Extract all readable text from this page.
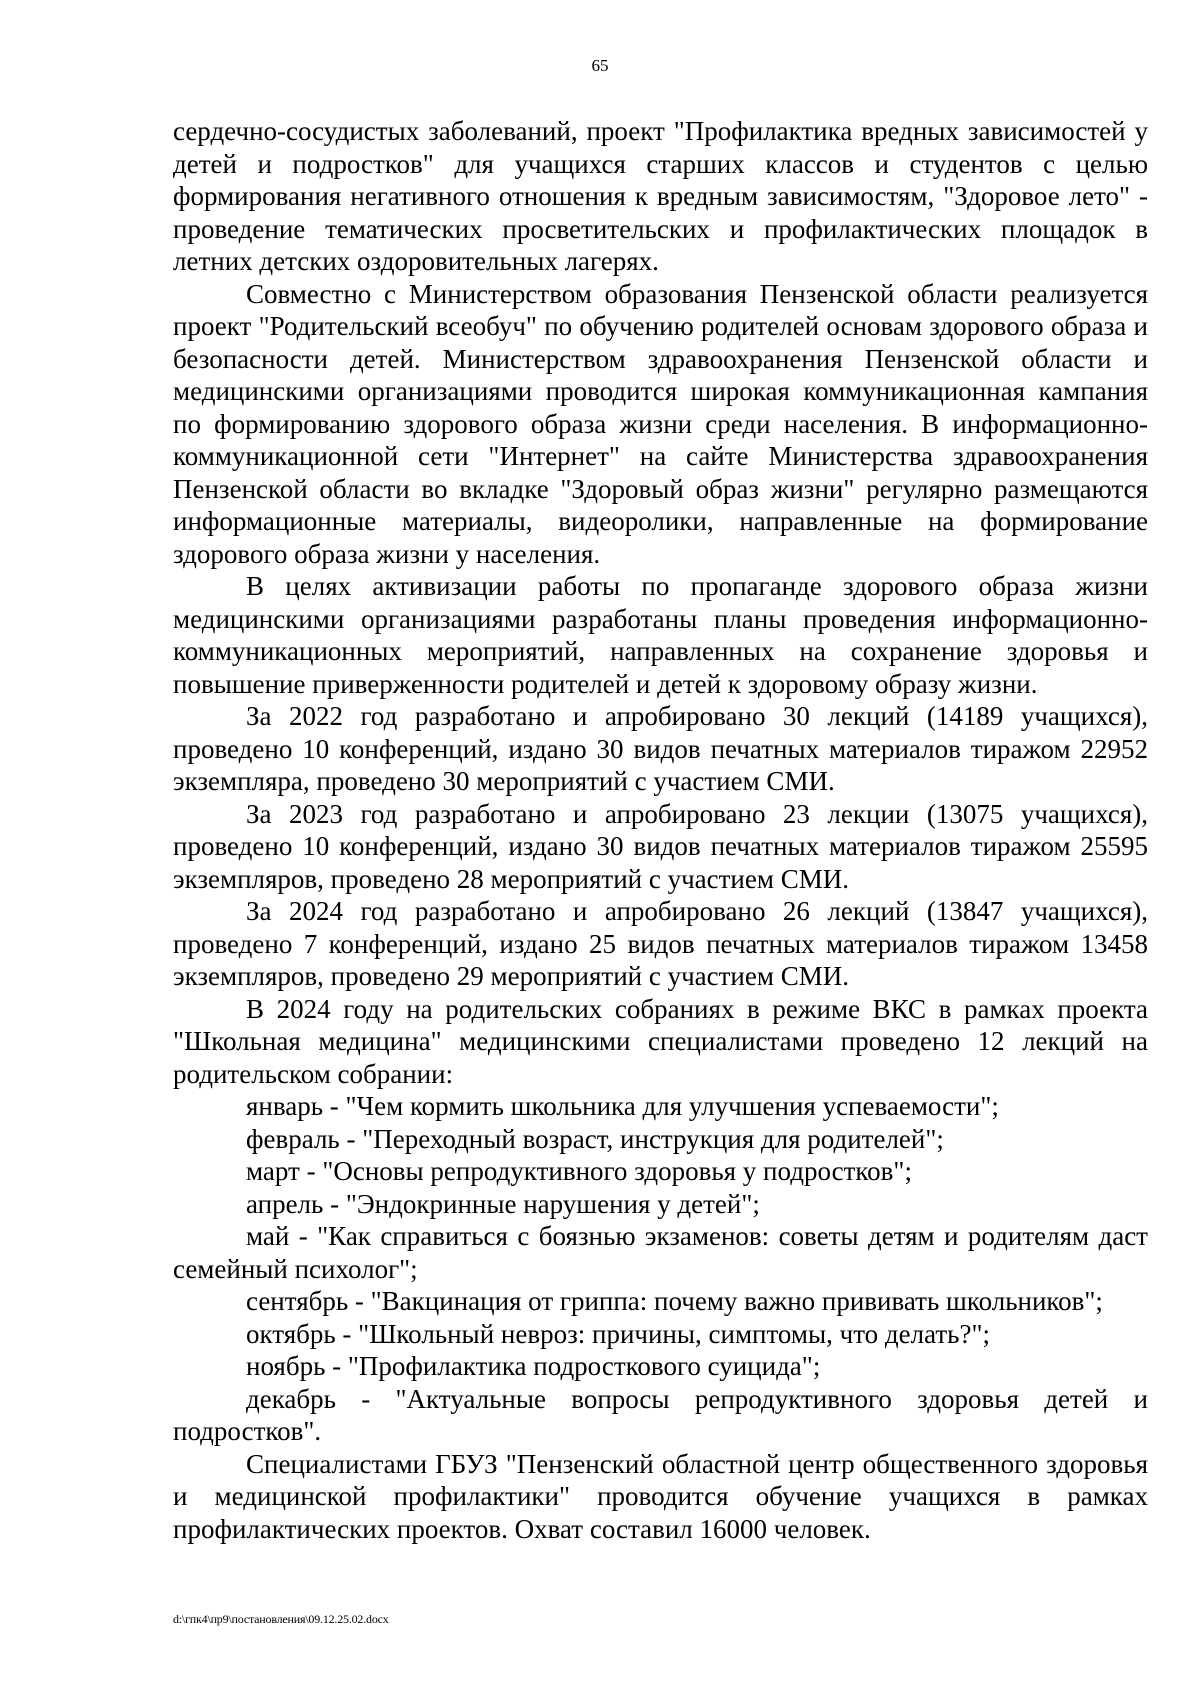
65

сердечно-сосудистых заболеваний, проект "Профилактика вредных зависимостей у детей и подростков" для учащихся старших классов и студентов с целью формирования негативного отношения к вредным зависимостям, "Здоровое лето" - проведение тематических просветительских и профилактических площадок в летних детских оздоровительных лагерях.

Совместно с Министерством образования Пензенской области реализуется проект "Родительский всеобуч" по обучению родителей основам здорового образа и безопасности детей. Министерством здравоохранения Пензенской области и медицинскими организациями проводится широкая коммуникационная кампания по формированию здорового образа жизни среди населения. В информационно-коммуникационной сети "Интернет" на сайте Министерства здравоохранения Пензенской области во вкладке "Здоровый образ жизни" регулярно размещаются информационные материалы, видеоролики, направленные на формирование здорового образа жизни у населения.

В целях активизации работы по пропаганде здорового образа жизни медицинскими организациями разработаны планы проведения информационно-коммуникационных мероприятий, направленных на сохранение здоровья и повышение приверженности родителей и детей к здоровому образу жизни.

За 2022 год разработано и апробировано 30 лекций (14189 учащихся), проведено 10 конференций, издано 30 видов печатных материалов тиражом 22952 экземпляра, проведено 30 мероприятий с участием СМИ.

За 2023 год разработано и апробировано 23 лекции (13075 учащихся), проведено 10 конференций, издано 30 видов печатных материалов тиражом 25595 экземпляров, проведено 28 мероприятий с участием СМИ.

За 2024 год разработано и апробировано 26 лекций (13847 учащихся), проведено 7 конференций, издано 25 видов печатных материалов тиражом 13458 экземпляров, проведено 29 мероприятий с участием СМИ.

В 2024 году на родительских собраниях в режиме ВКС в рамках проекта "Школьная медицина" медицинскими специалистами проведено 12 лекций на родительском собрании:

январь - "Чем кормить школьника для улучшения успеваемости";

февраль - "Переходный возраст, инструкция для родителей";

март - "Основы репродуктивного здоровья у подростков";

апрель - "Эндокринные нарушения у детей";

май - "Как справиться с боязнью экзаменов: советы детям и родителям даст семейный психолог";

сентябрь - "Вакцинация от гриппа: почему важно прививать школьников";

октябрь - "Школьный невроз: причины, симптомы, что делать?";

ноябрь - "Профилактика подросткового суицида";

декабрь - "Актуальные вопросы репродуктивного здоровья детей и подростков".

Специалистами ГБУЗ "Пензенский областной центр общественного здоровья и медицинской профилактики" проводится обучение учащихся в рамках профилактических проектов. Охват составил 16000 человек.

d:\гпк4\пр9\постановления\09.12.25.02.docx
